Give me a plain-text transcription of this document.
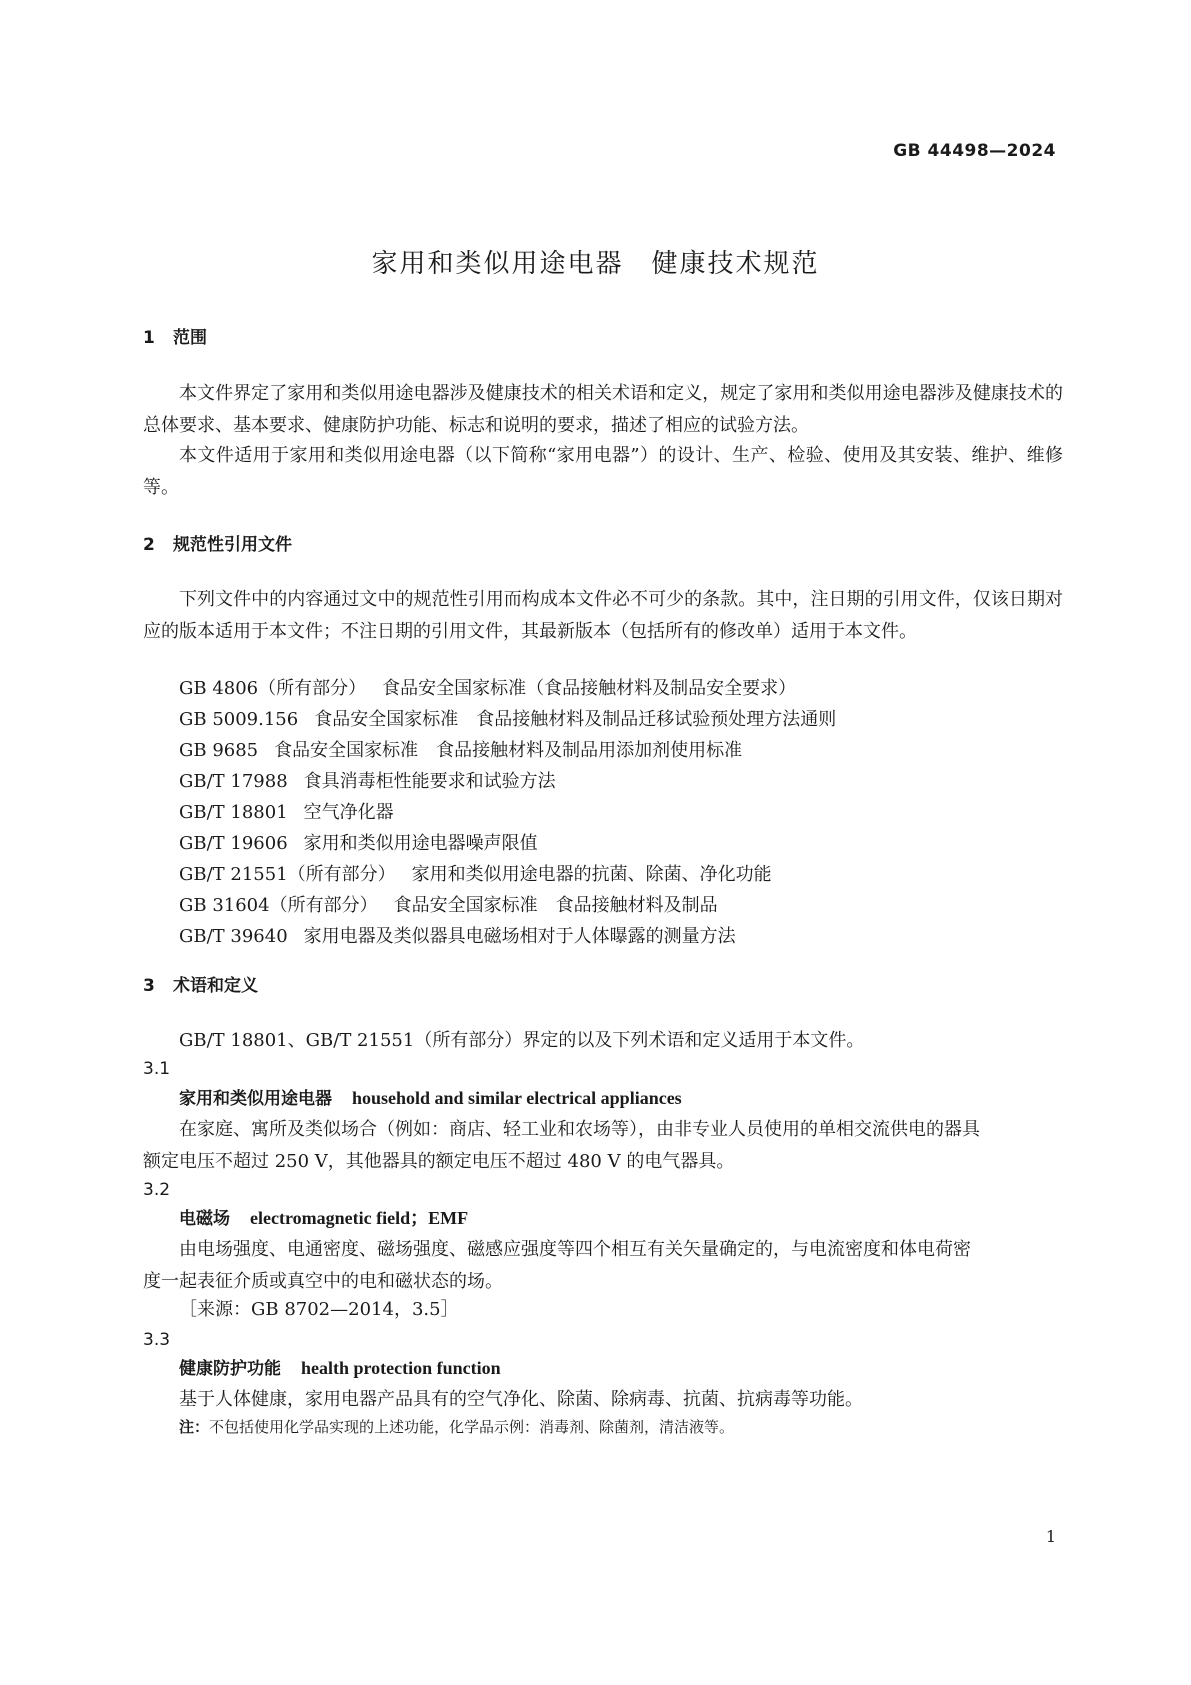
GB 44498—2024
家用和类似用途电器　健康技术规范
1 范围

本文件界定了家用和类似用途电器涉及健康技术的相关术语和定义，规定了家用和类似用途电器涉及健康技术的总体要求、基本要求、健康防护功能、标志和说明的要求，描述了相应的试验方法。

本文件适用于家用和类似用途电器（以下简称“家用电器”）的设计、生产、检验、使用及其安装、维护、维修等。

2 规范性引用文件

下列文件中的内容通过文中的规范性引用而构成本文件必不可少的条款。其中，注日期的引用文件，仅该日期对应的版本适用于本文件；不注日期的引用文件，其最新版本（包括所有的修改单）适用于本文件。

GB 4806（所有部分） 食品安全国家标准（食品接触材料及制品安全要求）
GB 5009.156 食品安全国家标准　食品接触材料及制品迁移试验预处理方法通则
GB 9685 食品安全国家标准　食品接触材料及制品用添加剂使用标准
GB/T 17988 食具消毒柜性能要求和试验方法
GB/T 18801 空气净化器
GB/T 19606 家用和类似用途电器噪声限值
GB/T 21551（所有部分） 家用和类似用途电器的抗菌、除菌、净化功能
GB 31604（所有部分） 食品安全国家标准　食品接触材料及制品
GB/T 39640 家用电器及类似器具电磁场相对于人体曝露的测量方法
3 术语和定义
GB/T 18801、GB/T 21551（所有部分）界定的以及下列术语和定义适用于本文件。
3.1
家用和类似用途电器 household and similar electrical appliances
在家庭、寓所及类似场合（例如：商店、轻工业和农场等），由非专业人员使用的单相交流供电的器具
额定电压不超过 250 V，其他器具的额定电压不超过 480 V 的电气器具。
3.2
电磁场 electromagnetic field；EMF
由电场强度、电通密度、磁场强度、磁感应强度等四个相互有关矢量确定的，与电流密度和体电荷密
度一起表征介质或真空中的电和磁状态的场。
［来源：GB 8702—2014，3.5］
3.3
健康防护功能 health protection function
基于人体健康，家用电器产品具有的空气净化、除菌、除病毒、抗菌、抗病毒等功能。
注：不包括使用化学品实现的上述功能，化学品示例：消毒剂、除菌剂，清洁液等。
1
